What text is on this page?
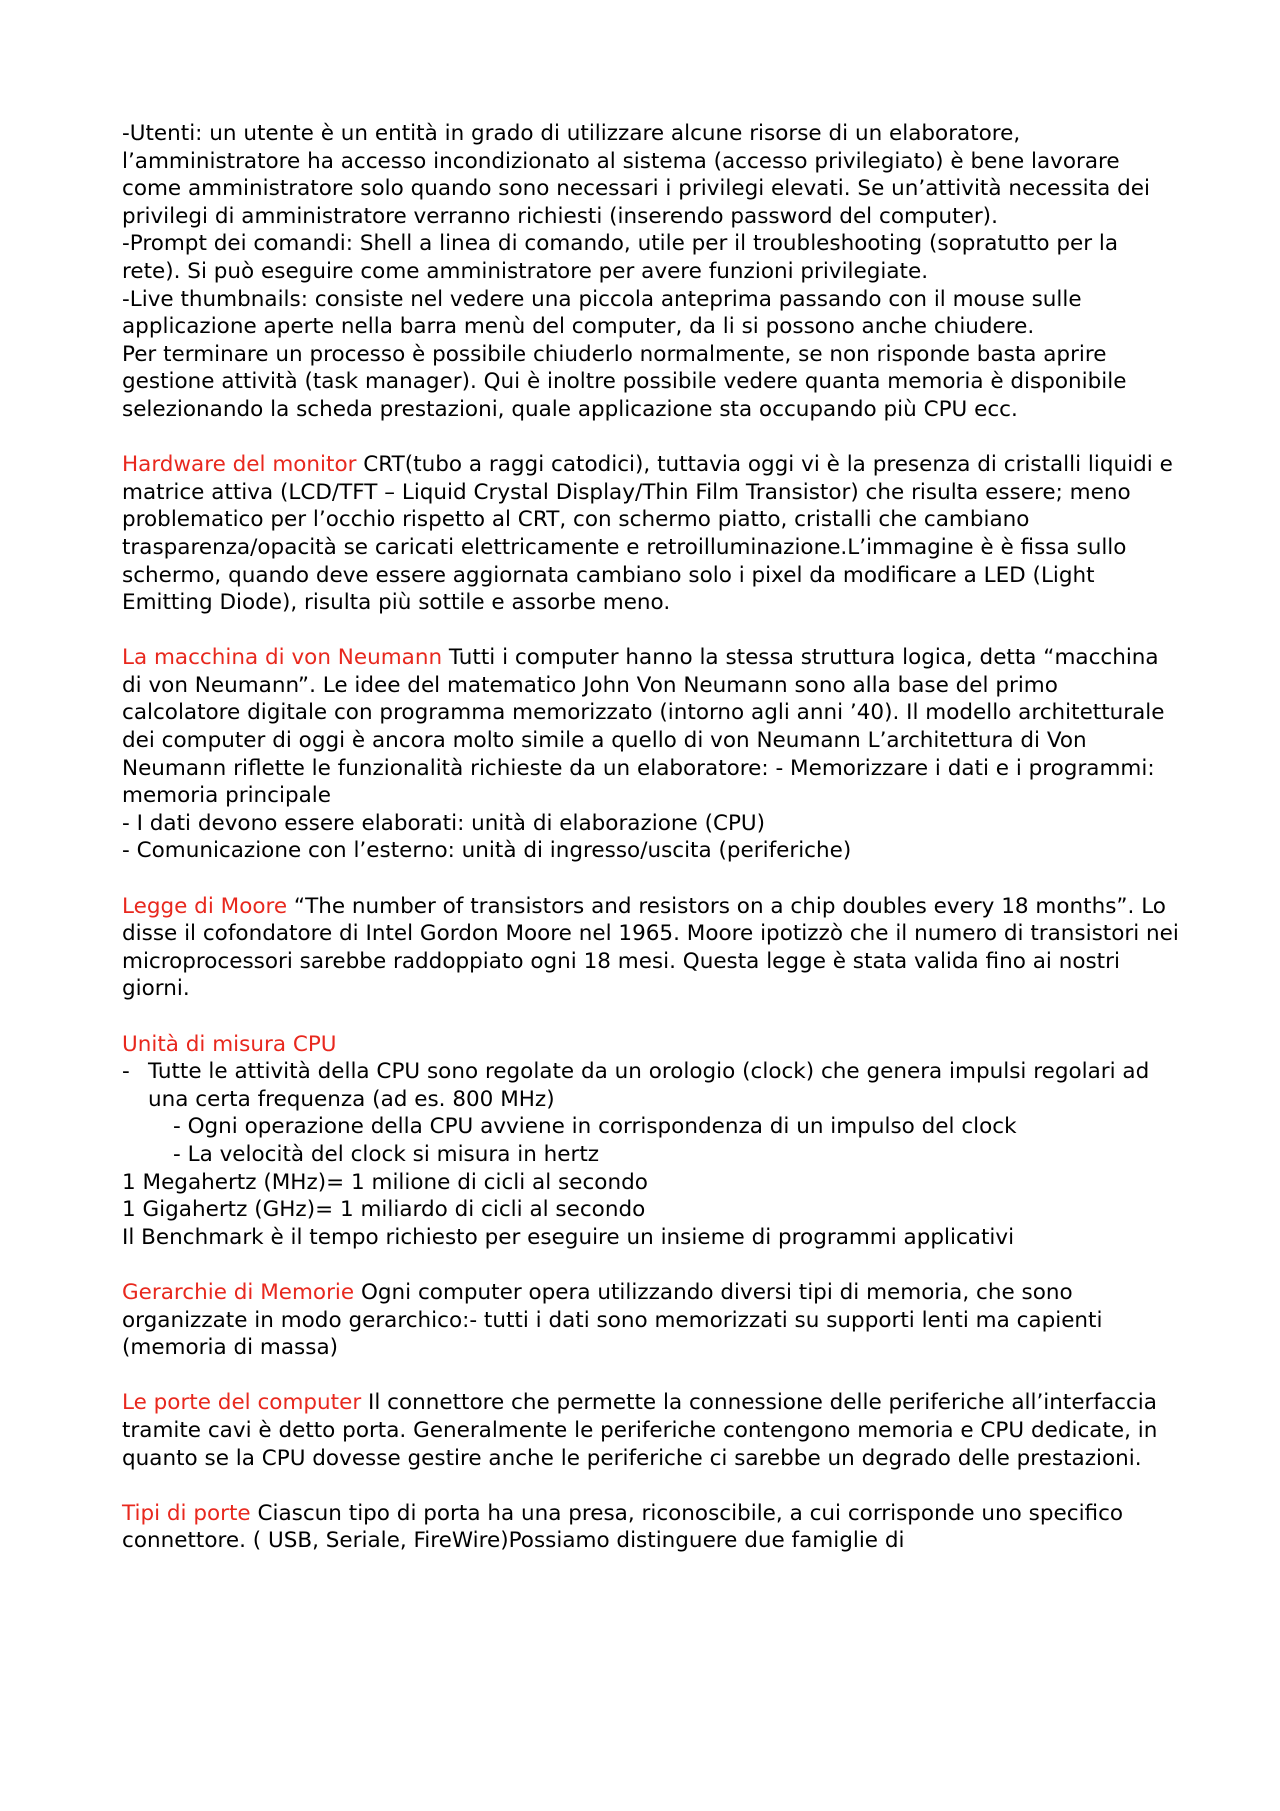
-Utenti: un utente è un entità in grado di utilizzare alcune risorse di un elaboratore, l’amministratore ha accesso incondizionato al sistema (accesso privilegiato) è bene lavorare come amministratore solo quando sono necessari i privilegi elevati. Se un’attività necessita dei privilegi di amministratore verranno richiesti (inserendo password del computer).

-Prompt dei comandi: Shell a linea di comando, utile per il troubleshooting (sopratutto per la rete). Si può eseguire come amministratore per avere funzioni privilegiate.

-Live thumbnails: consiste nel vedere una piccola anteprima passando con il mouse sulle applicazione aperte nella barra menù del computer, da li si possono anche chiudere.

Per terminare un processo è possibile chiuderlo normalmente, se non risponde basta aprire gestione attività (task manager). Qui è inoltre possibile vedere quanta memoria è disponibile selezionando la scheda prestazioni, quale applicazione sta occupando più CPU ecc.

Hardware del monitor CRT(tubo a raggi catodici), tuttavia oggi vi è la presenza di cristalli liquidi e matrice attiva (LCD/TFT – Liquid Crystal Display/Thin Film Transistor) che risulta essere; meno problematico per l’occhio rispetto al CRT, con schermo piatto, cristalli che cambiano trasparenza/opacità se caricati elettricamente e retroilluminazione.L’immagine è è fissa sullo schermo, quando deve essere aggiornata cambiano solo i pixel da modificare a LED (Light Emitting Diode), risulta più sottile e assorbe meno.

La macchina di von Neumann Tutti i computer hanno la stessa struttura logica, detta “macchina di von Neumann”. Le idee del matematico John Von Neumann sono alla base del primo calcolatore digitale con programma memorizzato (intorno agli anni ’40). Il modello architetturale dei computer di oggi è ancora molto simile a quello di von Neumann L’architettura di Von Neumann riflette le funzionalità richieste da un elaboratore: - Memorizzare i dati e i programmi: memoria principale

- I dati devono essere elaborati: unità di elaborazione (CPU)

- Comunicazione con l’esterno: unità di ingresso/uscita (periferiche)

Legge di Moore “The number of transistors and resistors on a chip doubles every 18 months”. Lo disse il cofondatore di Intel Gordon Moore nel 1965. Moore ipotizzò che il numero di transistori nei microprocessori sarebbe raddoppiato ogni 18 mesi. Questa legge è stata valida fino ai nostri giorni.

Unità di misura CPU

- Tutte le attività della CPU sono regolate da un orologio (clock) che genera impulsi regolari ad una certa frequenza (ad es. 800 MHz)
- Ogni operazione della CPU avviene in corrispondenza di un impulso del clock
- La velocità del clock si misura in hertz

1 Megahertz (MHz)= 1 milione di cicli al secondo

1 Gigahertz (GHz)= 1 miliardo di cicli al secondo

Il Benchmark è il tempo richiesto per eseguire un insieme di programmi applicativi

Gerarchie di Memorie Ogni computer opera utilizzando diversi tipi di memoria, che sono organizzate in modo gerarchico:- tutti i dati sono memorizzati su supporti lenti ma capienti (memoria di massa)

Le porte del computer Il connettore che permette la connessione delle periferiche all’interfaccia tramite cavi è detto porta. Generalmente le periferiche contengono memoria e CPU dedicate, in quanto se la CPU dovesse gestire anche le periferiche ci sarebbe un degrado delle prestazioni.

Tipi di porte Ciascun tipo di porta ha una presa, riconoscibile, a cui corrisponde uno specifico connettore. ( USB, Seriale, FireWire)Possiamo distinguere due famiglie di
